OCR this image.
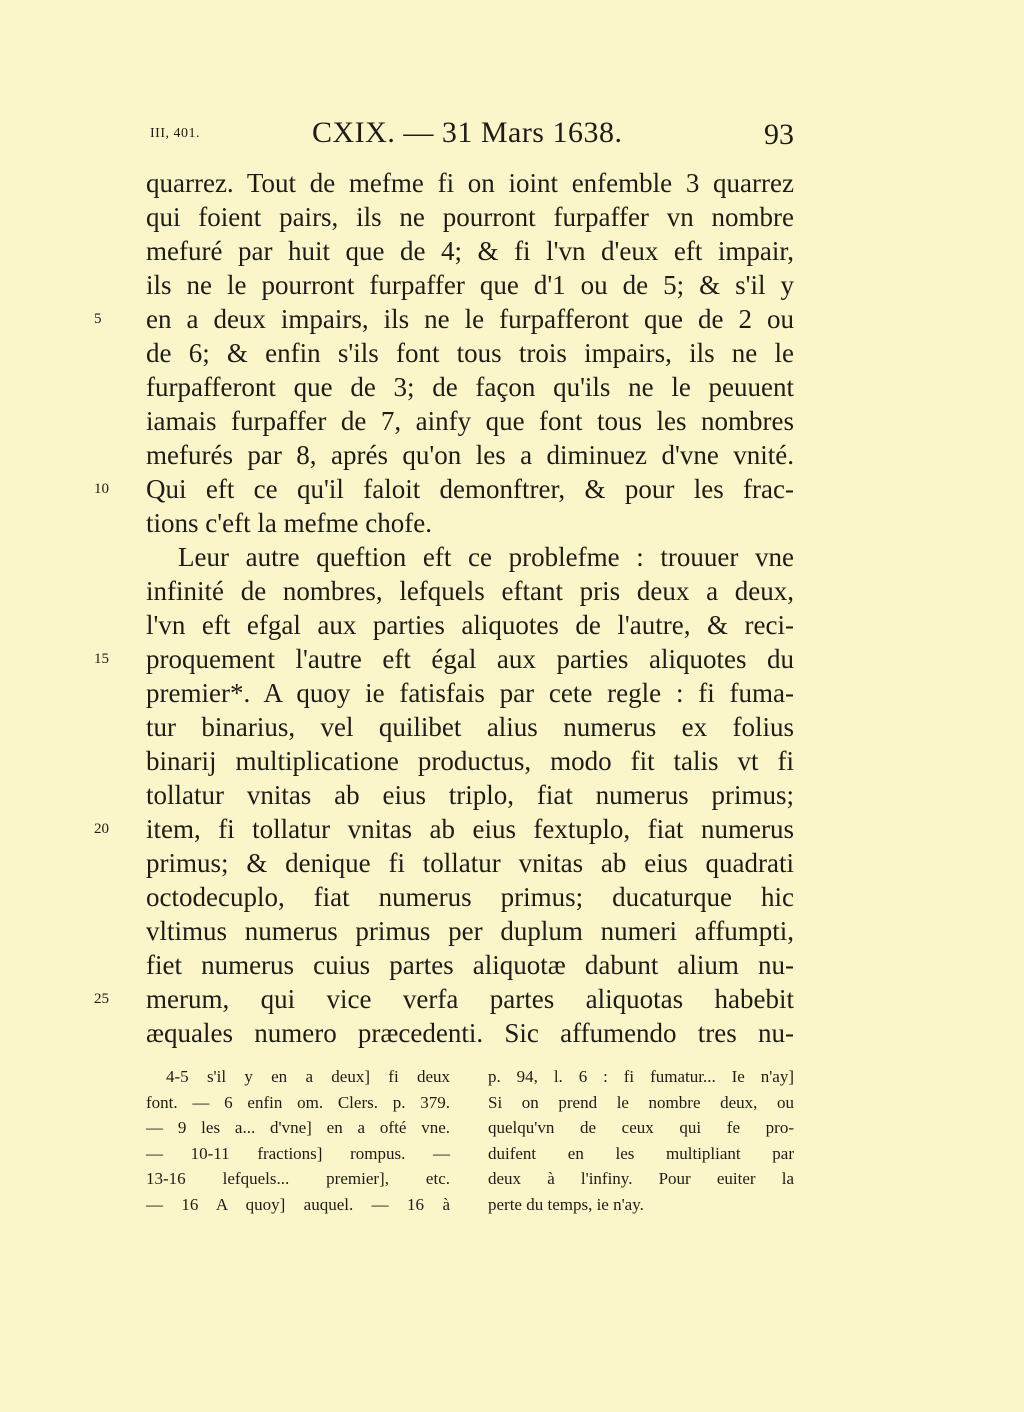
III, 401.	CXIX. — 31 Mars 1638.	93
quarrez. Tout de mefme fi on ioint enfemble 3 quarrez
qui foient pairs, ils ne pourront furpaffer vn nombre
mefuré par huit que de 4; & fi l'vn d'eux eft impair,
ils ne le pourront furpaffer que d'1 ou de 5; & s'il y
5	en a deux impairs, ils ne le furpafferont que de 2 ou
de 6; & enfin s'ils font tous trois impairs, ils ne le
furpafferont que de 3; de façon qu'ils ne le peuuent
iamais furpaffer de 7, ainfy que font tous les nombres
mefurés par 8, aprés qu'on les a diminuez d'vne vnité.
10	Qui eft ce qu'il faloit demonftrer, & pour les frac-
tions c'eft la mefme chofe.
Leur autre queftion eft ce problefme : trouuer vne
infinité de nombres, lefquels eftant pris deux a deux,
l'vn eft efgal aux parties aliquotes de l'autre, & reci-
15	proquement l'autre eft égal aux parties aliquotes du
premier*. A quoy ie fatisfais par cete regle : fi fuma-
tur binarius, vel quilibet alius numerus ex folius
binarij multiplicatione productus, modo fit talis vt fi
tollatur vnitas ab eius triplo, fiat numerus primus;
20	item, fi tollatur vnitas ab eius fextuplo, fiat numerus
primus; & denique fi tollatur vnitas ab eius quadrati
octodecuplo, fiat numerus primus; ducaturque hic
vltimus numerus primus per duplum numeri affumpti,
fiet numerus cuius partes aliquotæ dabunt alium nu-
25	merum, qui vice verfa partes aliquotas habebit
æquales numero præcedenti. Sic affumendo tres nu-
4-5 s'il y en a deux] fi deux
font. — 6 enfin om. Clers. p. 379.
— 9 les a... d'vne] en a ofté vne.
— 10-11 fractions] rompus. —
13-16 lefquels... premier], etc.
— 16 A quoy] auquel. — 16 à
p. 94, l. 6 : fi fumatur... Ie n'ay]
Si on prend le nombre deux, ou
quelqu'vn de ceux qui fe pro-
duifent en les multipliant par
deux à l'infiny. Pour euiter la
perte du temps, ie n'ay.
